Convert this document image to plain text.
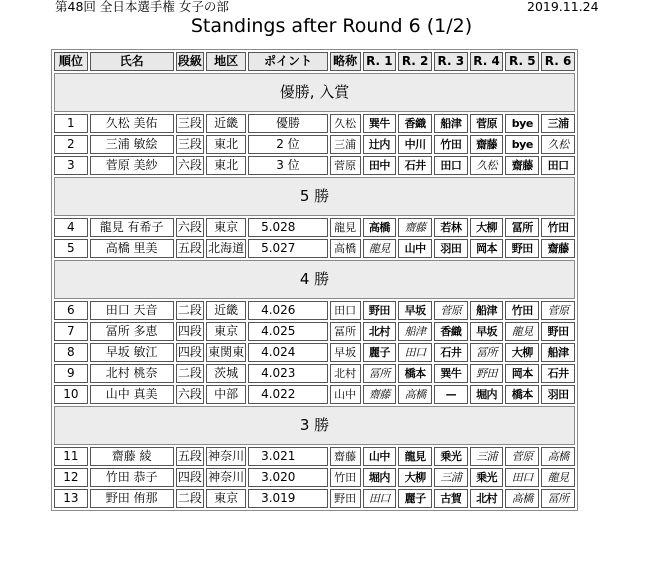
第48回 全日本選手権 女子の部	2019.11.24
Standings after Round 6 (1/2)
順位	氏名	段級	地区	ポイント	略称	R. 1	R. 2	R. 3	R. 4	R. 5	R. 6
優勝, 入賞											
1	久松 美佑	三段	近畿	優勝	久松	巽牛	香織	船津	菅原	bye	三浦
2	三浦 敏絵	三段	東北	2 位	三浦	辻内	中川	竹田	齋藤	bye	久松
3	菅原 美紗	六段	東北	3 位	菅原	田中	石井	田口	久松	齋藤	田口
5 勝											
4	龍見 有希子	六段	東京	5.028	龍見	高橋	齋藤	若林	大柳	冨所	竹田
5	高橋 里美	五段	北海道	5.027	高橋	龍見	山中	羽田	岡本	野田	齋藤
4 勝											
6	田口 天音	二段	近畿	4.026	田口	野田	早坂	菅原	船津	竹田	菅原
7	冨所 多恵	四段	東京	4.025	冨所	北村	船津	香織	早坂	龍見	野田
8	早坂 敏江	四段	東関東	4.024	早坂	麗子	田口	石井	冨所	大柳	船津
9	北村 桃奈	二段	茨城	4.023	北村	冨所	橋本	巽牛	野田	岡本	石井
10	山中 真美	六段	中部	4.022	山中	齋藤	高橋	—	堀内	橋本	羽田
3 勝											
11	齋藤 綾	五段	神奈川	3.021	齋藤	山中	龍見	乗光	三浦	菅原	高橋
12	竹田 恭子	四段	神奈川	3.020	竹田	堀内	大柳	三浦	乗光	田口	龍見
13	野田 侑那	二段	東京	3.019	野田	田口	麗子	古賀	北村	高橋	冨所
